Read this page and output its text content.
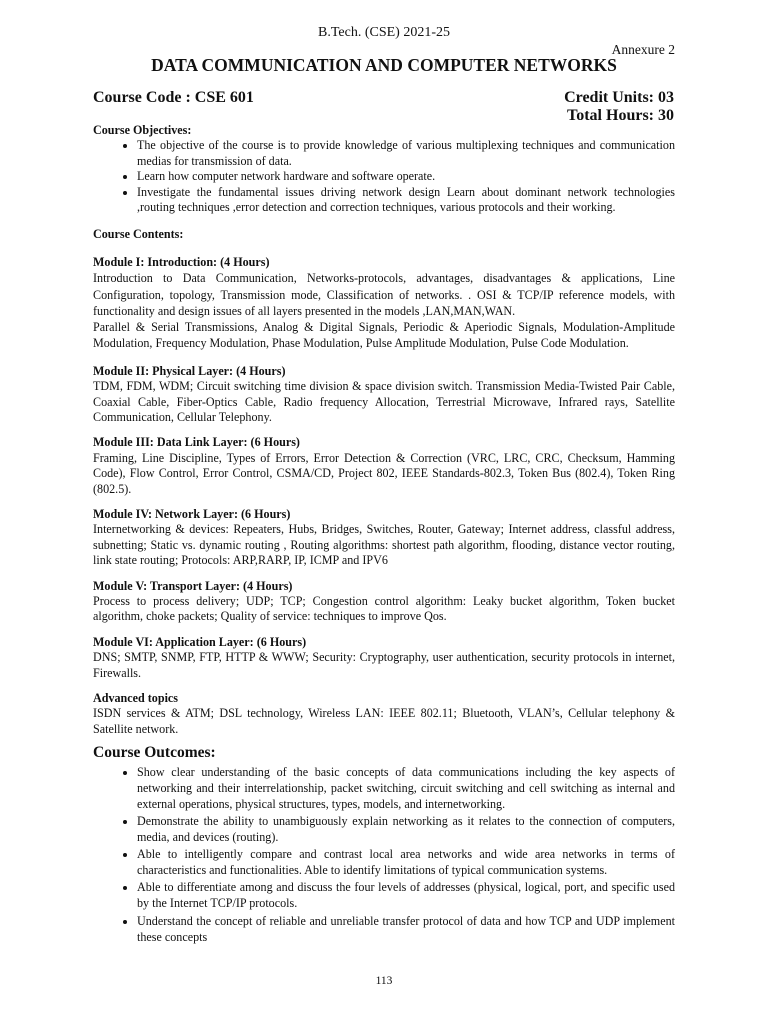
B.Tech. (CSE) 2021-25
Annexure 2
DATA COMMUNICATION AND COMPUTER NETWORKS
Course Code : CSE 601	Credit Units: 03
Total Hours: 30

Course Objectives:

• The objective of the course is to provide knowledge of various multiplexing techniques and communication medias for transmission of data.
• Learn how computer network hardware and software operate.
• Investigate the fundamental issues driving network design Learn about dominant network technologies ,routing techniques ,error detection and correction techniques, various protocols and their working.

Course Contents:

Module I: Introduction: (4 Hours)

Introduction to Data Communication, Networks-protocols, advantages, disadvantages & applications, Line Configuration, topology, Transmission mode, Classification of networks. . OSI & TCP/IP reference models, with functionality and design issues of all layers presented in the models ,LAN,MAN,WAN.

Parallel & Serial Transmissions, Analog & Digital Signals, Periodic & Aperiodic Signals, Modulation-Amplitude Modulation, Frequency Modulation, Phase Modulation, Pulse Amplitude Modulation, Pulse Code Modulation.

Module II: Physical Layer: (4 Hours)

TDM, FDM, WDM; Circuit switching time division & space division switch. Transmission Media-Twisted Pair Cable, Coaxial Cable, Fiber-Optics Cable, Radio frequency Allocation, Terrestrial Microwave, Infrared rays, Satellite Communication, Cellular Telephony.

Module III: Data Link Layer: (6 Hours)

Framing, Line Discipline, Types of Errors, Error Detection & Correction (VRC, LRC, CRC, Checksum, Hamming Code), Flow Control, Error Control, CSMA/CD, Project 802, IEEE Standards-802.3, Token Bus (802.4), Token Ring (802.5).

Module IV: Network Layer: (6 Hours)

Internetworking & devices: Repeaters, Hubs, Bridges, Switches, Router, Gateway; Internet address, classful address, subnetting; Static vs. dynamic routing , Routing algorithms: shortest path algorithm, flooding, distance vector routing, link state routing; Protocols: ARP,RARP, IP, ICMP and IPV6

Module V: Transport Layer: (4 Hours)

Process to process delivery; UDP; TCP; Congestion control algorithm: Leaky bucket algorithm, Token bucket algorithm, choke packets; Quality of service: techniques to improve Qos.

Module VI: Application Layer: (6 Hours)

DNS; SMTP, SNMP, FTP, HTTP & WWW; Security: Cryptography, user authentication, security protocols in internet, Firewalls.

Advanced topics

ISDN services & ATM; DSL technology, Wireless LAN: IEEE 802.11; Bluetooth, VLAN’s, Cellular telephony & Satellite network.

Course Outcomes:

• Show clear understanding of the basic concepts of data communications including the key aspects of networking and their interrelationship, packet switching, circuit switching and cell switching as internal and external operations, physical structures, types, models, and internetworking.
• Demonstrate the ability to unambiguously explain networking as it relates to the connection of computers, media, and devices (routing).
• Able to intelligently compare and contrast local area networks and wide area networks in terms of characteristics and functionalities. Able to identify limitations of typical communication systems.
• Able to differentiate among and discuss the four levels of addresses (physical, logical, port, and specific used by the Internet TCP/IP protocols.
• Understand the concept of reliable and unreliable transfer protocol of data and how TCP and UDP implement these concepts
113
